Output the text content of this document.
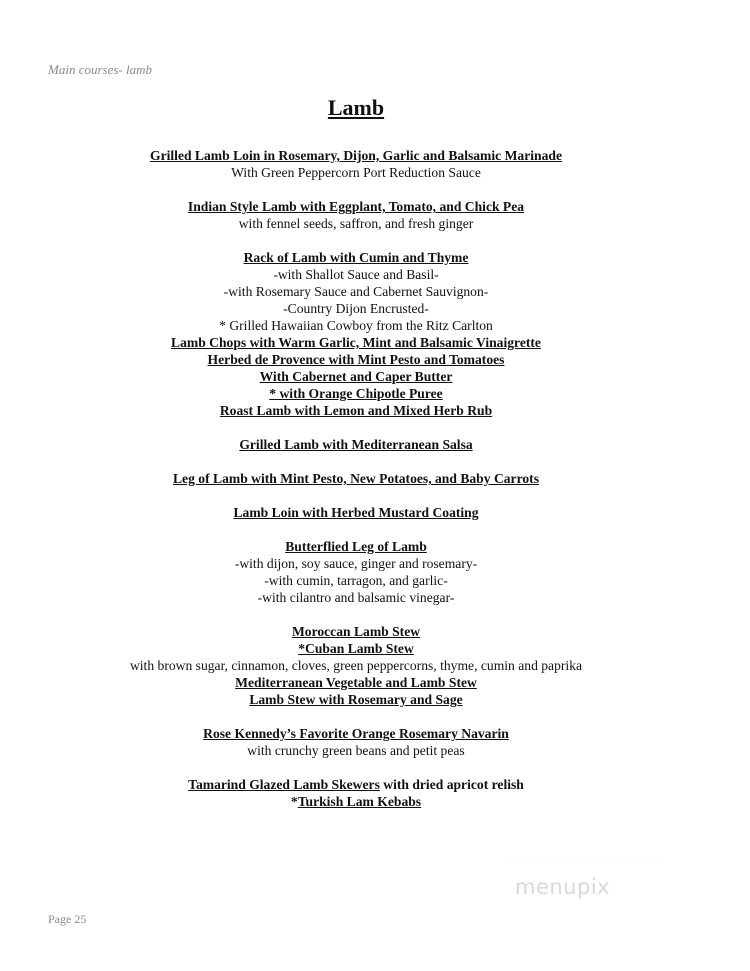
Main courses- lamb
Lamb
Grilled Lamb Loin in Rosemary, Dijon, Garlic and Balsamic Marinade
With Green Peppercorn Port Reduction Sauce
Indian Style Lamb with Eggplant, Tomato, and Chick Pea
with fennel seeds, saffron, and fresh ginger
Rack of Lamb with Cumin and Thyme
-with Shallot Sauce and Basil-
-with Rosemary Sauce and Cabernet Sauvignon-
-Country Dijon Encrusted-
* Grilled Hawaiian Cowboy from the Ritz Carlton
Lamb Chops with Warm Garlic, Mint and Balsamic Vinaigrette
Herbed de Provence with Mint Pesto and Tomatoes
With Cabernet and Caper Butter
* with Orange Chipotle Puree
Roast Lamb with Lemon and Mixed Herb Rub
Grilled Lamb with Mediterranean Salsa
Leg of Lamb with Mint Pesto, New Potatoes, and Baby Carrots
Lamb Loin with Herbed Mustard Coating
Butterflied Leg of Lamb
-with dijon, soy sauce, ginger and rosemary-
-with cumin, tarragon, and garlic-
-with cilantro and balsamic vinegar-
Moroccan Lamb Stew
*Cuban Lamb Stew
with brown sugar, cinnamon, cloves, green peppercorns, thyme, cumin and paprika
Mediterranean Vegetable and Lamb Stew
Lamb Stew with Rosemary and Sage
Rose Kennedy’s Favorite Orange Rosemary Navarin
with crunchy green beans and petit peas
Tamarind Glazed Lamb Skewers with dried apricot relish
*Turkish Lam Kebabs
menupix
Page 25
